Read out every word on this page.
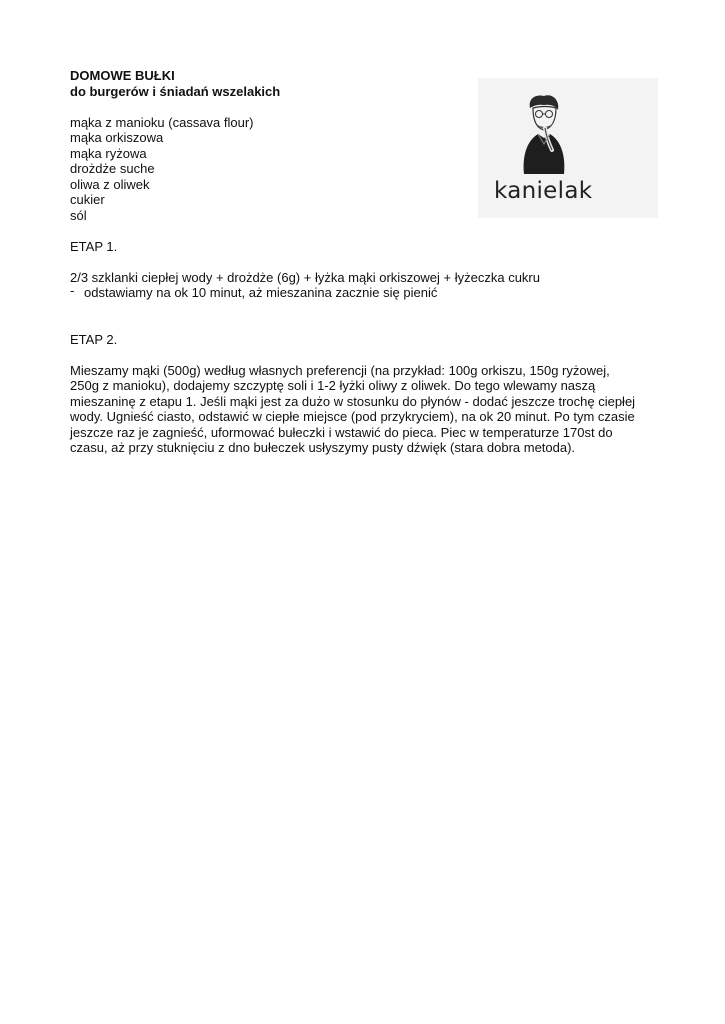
DOMOWE BUŁKI
do burgerów i śniadań wszelakich
mąka z manioku (cassava flour)
mąka orkiszowa
mąka ryżowa
drożdże suche
oliwa z oliwek
cukier
sól
ETAP 1.
2/3 szklanki ciepłej wody + drożdże (6g) + łyżka mąki orkiszowej + łyżeczka cukru
- odstawiamy na ok 10 minut, aż mieszanina zacznie się pienić
ETAP 2.
Mieszamy mąki (500g) według własnych preferencji (na przykład: 100g orkiszu, 150g ryżowej,
250g z manioku), dodajemy szczyptę soli i 1-2 łyżki oliwy z oliwek. Do tego wlewamy naszą
mieszaninę z etapu 1. Jeśli mąki jest za dużo w stosunku do płynów - dodać jeszcze trochę ciepłej
wody. Ugnieść ciasto, odstawić w ciepłe miejsce (pod przykryciem), na ok 20 minut. Po tym czasie
jeszcze raz je zagnieść, uformować bułeczki i wstawić do pieca. Piec w temperaturze 170st do
czasu, aż przy stuknięciu z dno bułeczek usłyszymy pusty dźwięk (stara dobra metoda).
kanielak
